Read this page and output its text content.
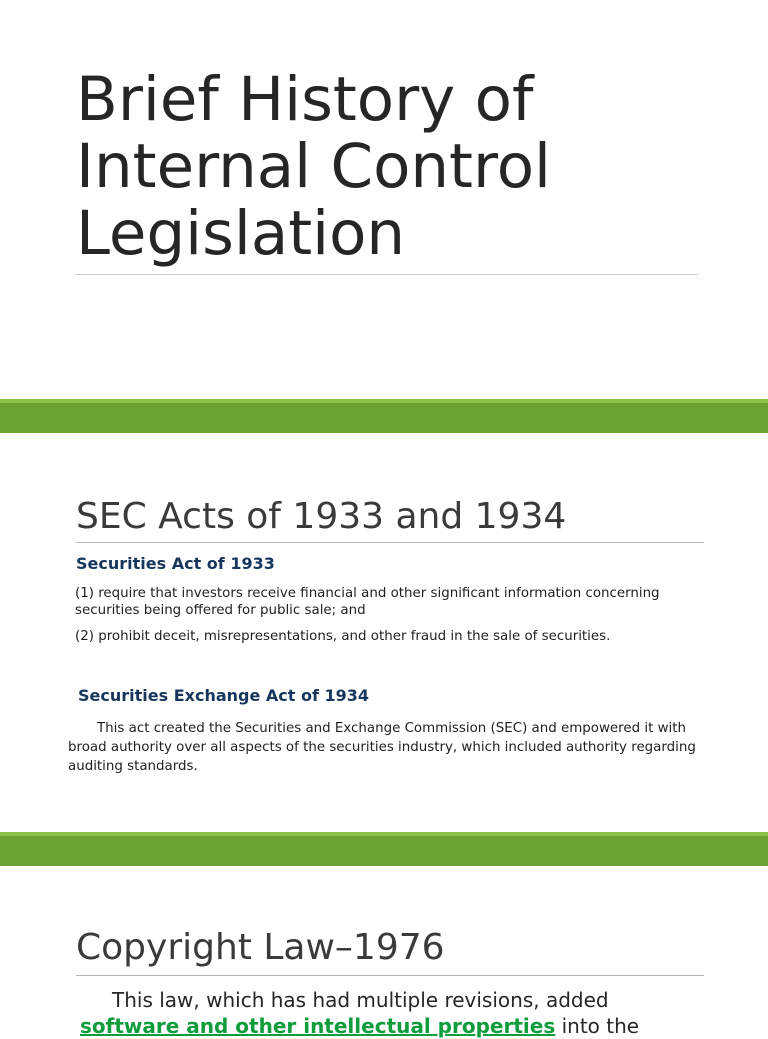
Brief History of Internal Control Legislation
SEC Acts of 1933 and 1934
Securities Act of 1933

(1) require that investors receive financial and other significant information concerning securities being offered for public sale; and

(2) prohibit deceit, misrepresentations, and other fraud in the sale of securities.

Securities Exchange Act of 1934

This act created the Securities and Exchange Commission (SEC) and empowered it with broad authority over all aspects of the securities industry, which included authority regarding auditing standards.

Copyright Law–1976

This law, which has had multiple revisions, added software and other intellectual properties into the
